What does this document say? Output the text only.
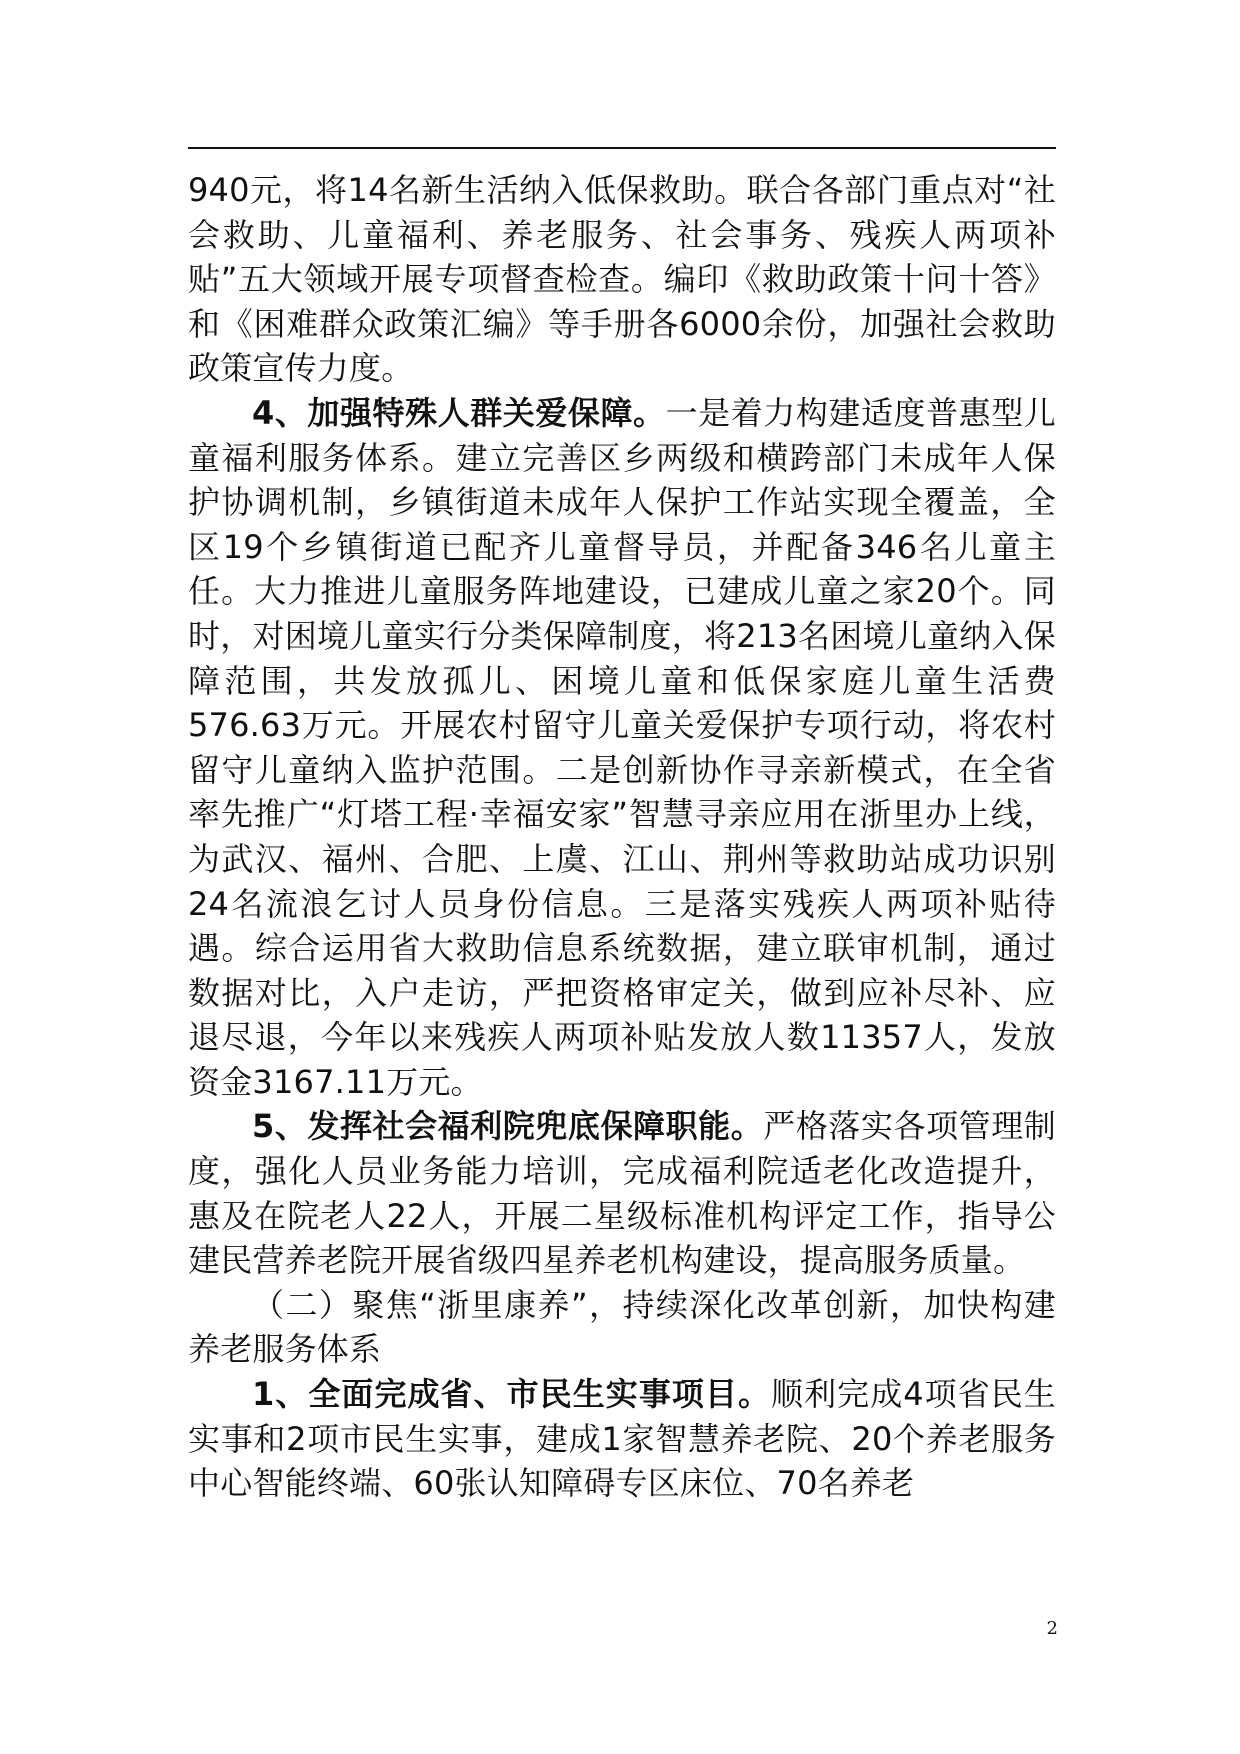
940元，将14名新生活纳入低保救助。联合各部门重点对“社会救助、儿童福利、养老服务、社会事务、残疾人两项补贴”五大领域开展专项督查检查。编印《救助政策十问十答》和《困难群众政策汇编》等手册各6000余份，加强社会救助政策宣传力度。

4、加强特殊人群关爱保障。一是着力构建适度普惠型儿童福利服务体系。建立完善区乡两级和横跨部门未成年人保护协调机制，乡镇街道未成年人保护工作站实现全覆盖，全区19个乡镇街道已配齐儿童督导员，并配备346名儿童主任。大力推进儿童服务阵地建设，已建成儿童之家20个。同时，对困境儿童实行分类保障制度，将213名困境儿童纳入保障范围，共发放孤儿、困境儿童和低保家庭儿童生活费576.63万元。开展农村留守儿童关爱保护专项行动，将农村留守儿童纳入监护范围。二是创新协作寻亲新模式，在全省率先推广“灯塔工程·幸福安家”智慧寻亲应用在浙里办上线，为武汉、福州、合肥、上虞、江山、荆州等救助站成功识别24名流浪乞讨人员身份信息。三是落实残疾人两项补贴待遇。综合运用省大救助信息系统数据，建立联审机制，通过数据对比，入户走访，严把资格审定关，做到应补尽补、应退尽退，今年以来残疾人两项补贴发放人数11357人，发放资金3167.11万元。

5、发挥社会福利院兜底保障职能。严格落实各项管理制度，强化人员业务能力培训，完成福利院适老化改造提升，惠及在院老人22人，开展二星级标准机构评定工作，指导公建民营养老院开展省级四星养老机构建设，提高服务质量。

（二）聚焦“浙里康养”，持续深化改革创新，加快构建养老服务体系

1、全面完成省、市民生实事项目。顺利完成4项省民生实事和2项市民生实事，建成1家智慧养老院、20个养老服务中心智能终端、60张认知障碍专区床位、70名养老

2
